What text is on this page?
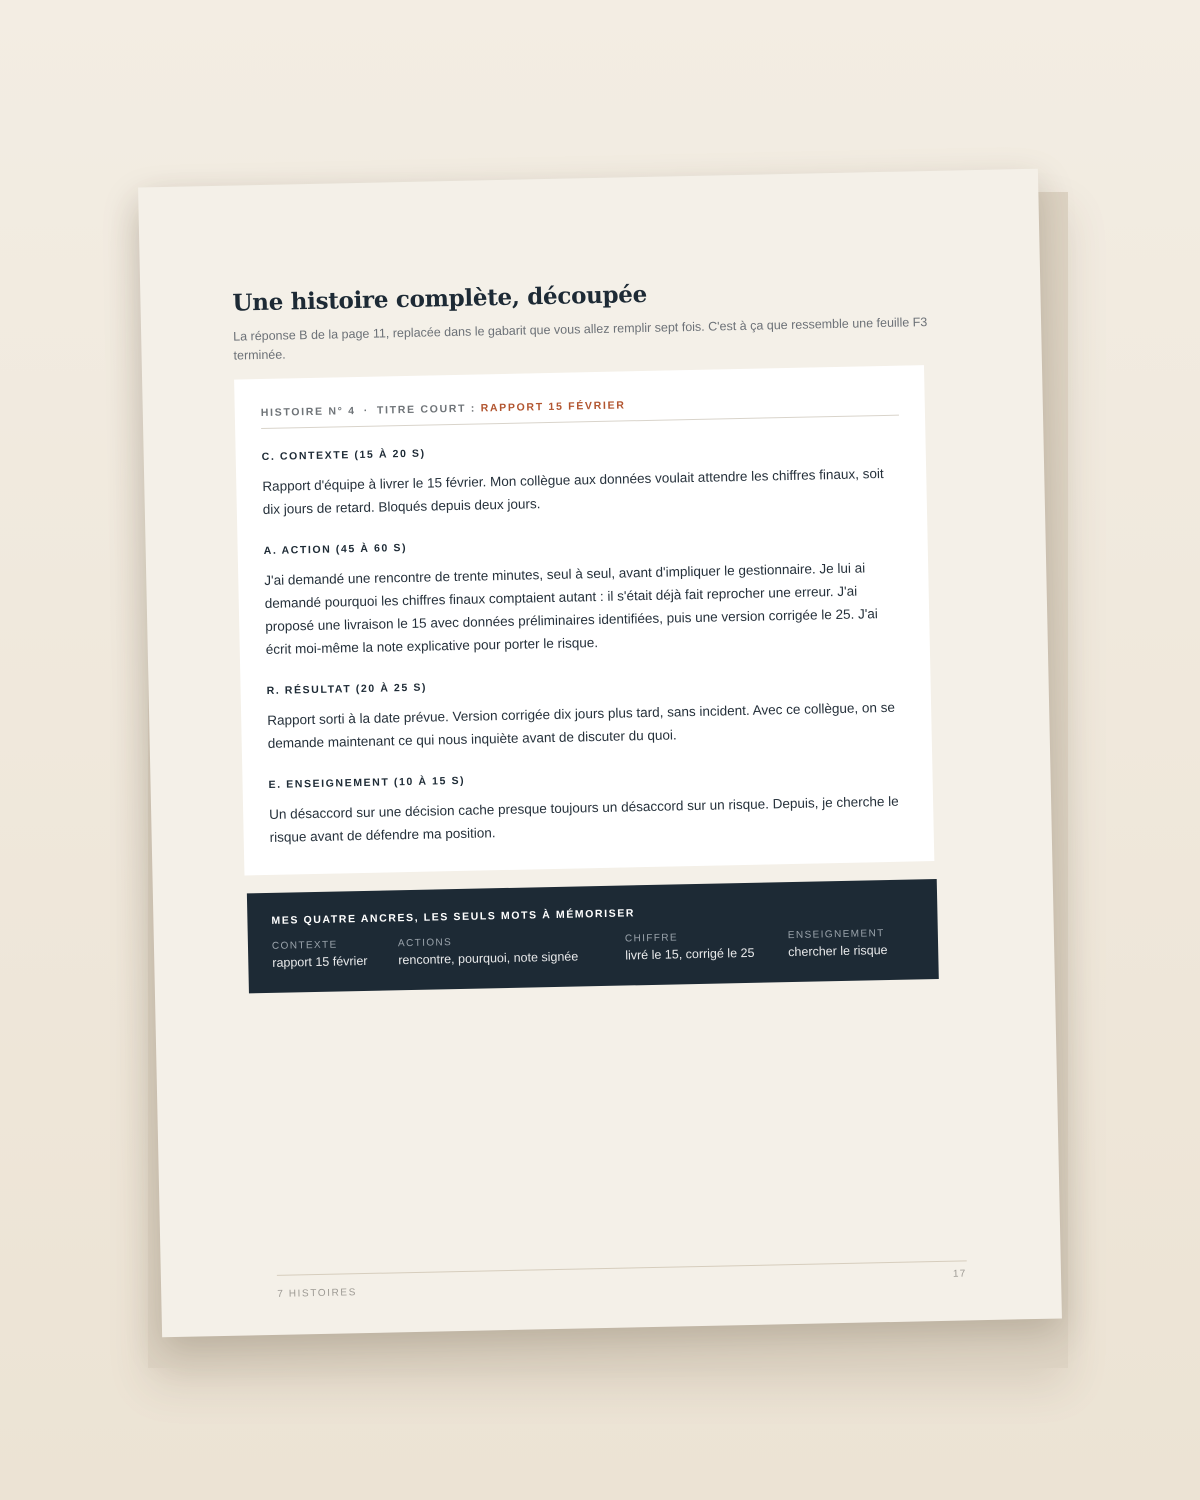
Une histoire complète, découpée

La réponse B de la page 11, replacée dans le gabarit que vous allez remplir sept fois. C'est à ça que ressemble une feuille F3 terminée.

HISTOIRE N° 4 · TITRE COURT : RAPPORT 15 FÉVRIER
C. CONTEXTE (15 À 20 S)
Rapport d'équipe à livrer le 15 février. Mon collègue aux données voulait attendre les chiffres finaux, soit dix jours de retard. Bloqués depuis deux jours.
A. ACTION (45 À 60 S)
J'ai demandé une rencontre de trente minutes, seul à seul, avant d'impliquer le gestionnaire. Je lui ai demandé pourquoi les chiffres finaux comptaient autant : il s'était déjà fait reprocher une erreur. J'ai proposé une livraison le 15 avec données préliminaires identifiées, puis une version corrigée le 25. J'ai écrit moi-même la note explicative pour porter le risque.
R. RÉSULTAT (20 À 25 S)
Rapport sorti à la date prévue. Version corrigée dix jours plus tard, sans incident. Avec ce collègue, on se demande maintenant ce qui nous inquiète avant de discuter du quoi.
E. ENSEIGNEMENT (10 À 15 S)
Un désaccord sur une décision cache presque toujours un désaccord sur un risque. Depuis, je cherche le risque avant de défendre ma position.
MES QUATRE ANCRES, LES SEULS MOTS À MÉMORISER
CONTEXTE
rapport 15 février
ACTIONS
rencontre, pourquoi, note signée
CHIFFRE
livré le 15, corrigé le 25
ENSEIGNEMENT
chercher le risque
7 HISTOIRES
17
